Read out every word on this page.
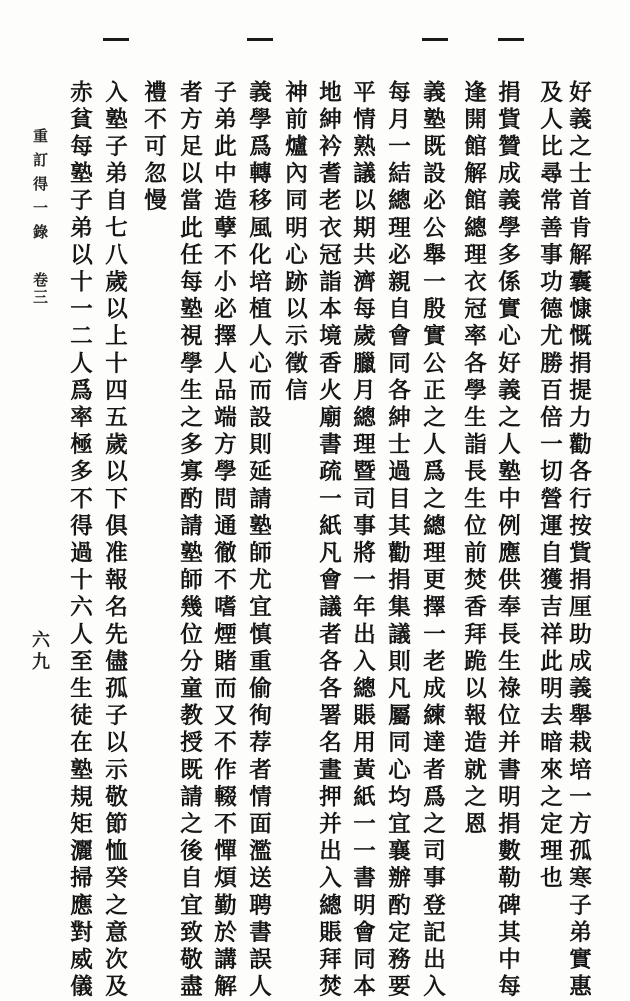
好義之士首肯解囊慷慨捐提力勸各行按貲捐厘助成義舉栽培一方孤寒子弟實惠
及人比尋常善事功德尤勝百倍一切營運自獲吉祥此明去暗來之定理也
捐貲贊成義學多係實心好義之人塾中例應供奉長生祿位并書明捐數勒碑其中每
逢開館解館總理衣冠率各學生詣長生位前焚香拜跪以報造就之恩
義塾既設必公舉一殷實公正之人爲之總理更擇一老成練達者爲之司事登記出入
每月一結總理必親自會同各紳士過目其勸捐集議則凡屬同心均宜襄辦酌定務要
平情熟議以期共濟每歲臘月總理暨司事將一年出入總賬用黃紙一一書明會同本
地紳衿耆老衣冠詣本境香火廟書疏一紙凡會議者各各署名畫押并出入總賬拜焚
神前爐內同明心跡以示徵信
義學爲轉移風化培植人心而設則延請塾師尤宜慎重偷徇荐者情面濫送聘書誤人
子弟此中造孽不小必擇人品端方學問通徹不嗜煙賭而又不作輟不憚煩勤於講解
者方足以當此任每塾視學生之多寡酌請塾師幾位分童教授既請之後自宜致敬盡
禮不可忽慢
入塾子弟自七八歲以上十四五歲以下俱准報名先儘孤子以示敬節恤癸之意次及
赤貧每塾子弟以十一二人爲率極多不得過十六人至生徒在塾規矩灑掃應對威儀
重訂得一錄
卷三
六九
